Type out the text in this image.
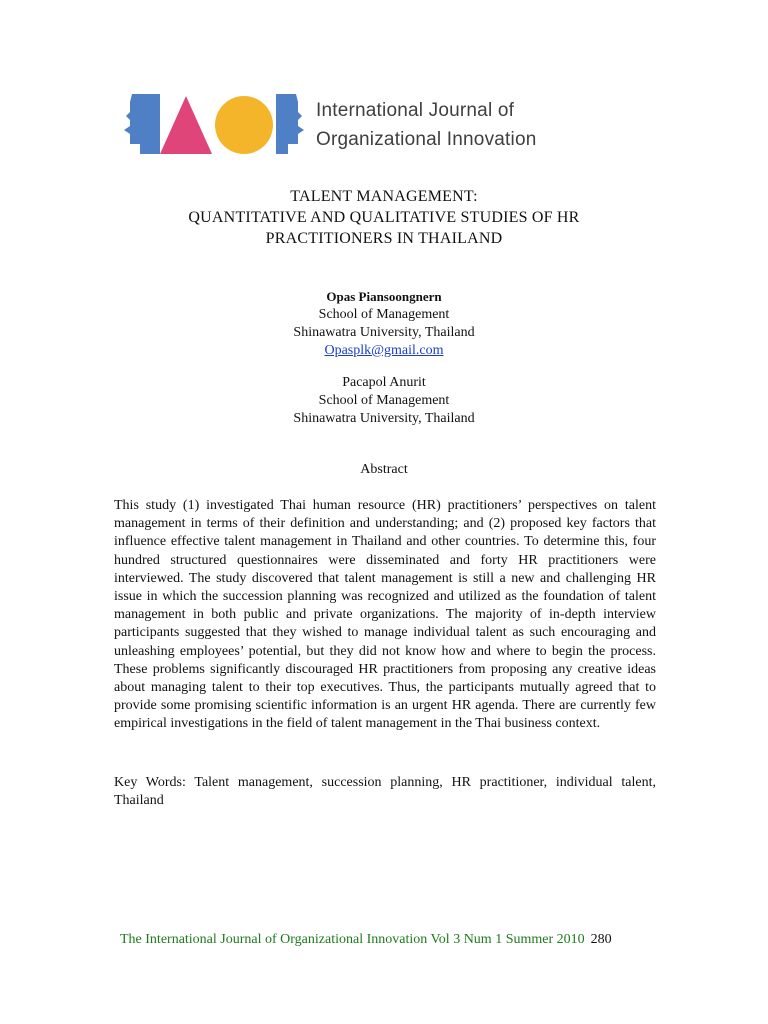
International Journal of
Organizational Innovation
TALENT MANAGEMENT:
QUANTITATIVE AND QUALITATIVE STUDIES OF HR
PRACTITIONERS IN THAILAND
Opas Piansoongnern
School of Management
Shinawatra University, Thailand
Opasplk@gmail.com
Pacapol Anurit
School of Management
Shinawatra University, Thailand
Abstract
This study (1) investigated Thai human resource (HR) practitioners’ perspectives on talent management in terms of their definition and understanding; and (2) proposed key factors that influence effective talent management in Thailand and other countries. To determine this, four hundred structured questionnaires were disseminated and forty HR practitioners were interviewed. The study discovered that talent management is still a new and challenging HR issue in which the succession planning was recognized and utilized as the foundation of talent management in both public and private organizations. The majority of in-depth interview participants suggested that they wished to manage individual talent as such encouraging and unleashing employees’ potential, but they did not know how and where to begin the process. These problems significantly discouraged HR practitioners from proposing any creative ideas about managing talent to their top executives. Thus, the participants mutually agreed that to provide some promising scientific information is an urgent HR agenda. There are currently few empirical investigations in the field of talent management in the Thai business context.
Key Words: Talent management, succession planning, HR practitioner, individual talent, Thailand
The International Journal of Organizational Innovation Vol 3 Num 1 Summer 2010 280
